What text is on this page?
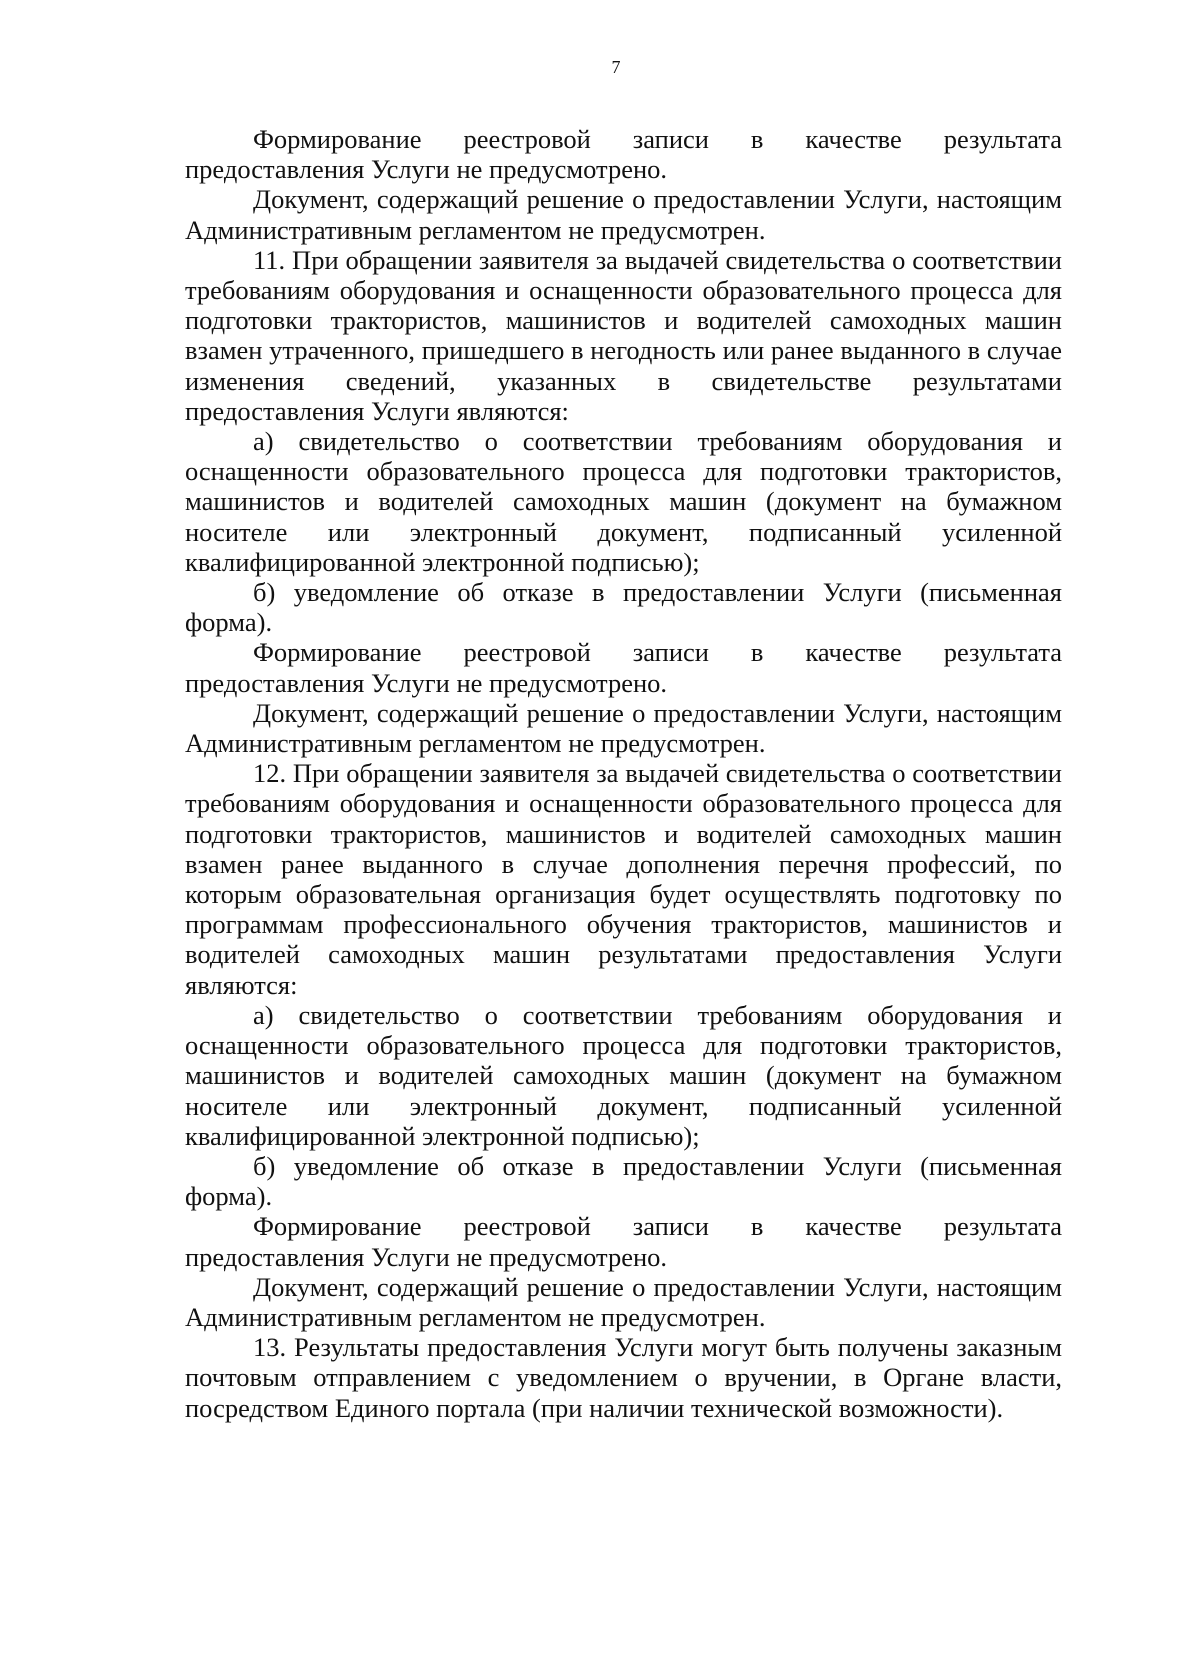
7

Формирование реестровой записи в качестве результата предоставления Услуги не предусмотрено.

Документ, содержащий решение о предоставлении Услуги, настоящим Административным регламентом не предусмотрен.

11. При обращении заявителя за выдачей свидетельства о соответствии требованиям оборудования и оснащенности образовательного процесса для подготовки трактористов, машинистов и водителей самоходных машин взамен утраченного, пришедшего в негодность или ранее выданного в случае изменения сведений, указанных в свидетельстве результатами предоставления Услуги являются:

а) свидетельство о соответствии требованиям оборудования и оснащенности образовательного процесса для подготовки трактористов, машинистов и водителей самоходных машин (документ на бумажном носителе или электронный документ, подписанный усиленной квалифицированной электронной подписью);

б) уведомление об отказе в предоставлении Услуги (письменная форма).

Формирование реестровой записи в качестве результата предоставления Услуги не предусмотрено.

Документ, содержащий решение о предоставлении Услуги, настоящим Административным регламентом не предусмотрен.

12. При обращении заявителя за выдачей свидетельства о соответствии требованиям оборудования и оснащенности образовательного процесса для подготовки трактористов, машинистов и водителей самоходных машин взамен ранее выданного в случае дополнения перечня профессий, по которым образовательная организация будет осуществлять подготовку по программам профессионального обучения трактористов, машинистов и водителей самоходных машин результатами предоставления Услуги являются:

а) свидетельство о соответствии требованиям оборудования и оснащенности образовательного процесса для подготовки трактористов, машинистов и водителей самоходных машин (документ на бумажном носителе или электронный документ, подписанный усиленной квалифицированной электронной подписью);

б) уведомление об отказе в предоставлении Услуги (письменная форма).

Формирование реестровой записи в качестве результата предоставления Услуги не предусмотрено.

Документ, содержащий решение о предоставлении Услуги, настоящим Административным регламентом не предусмотрен.

13. Результаты предоставления Услуги могут быть получены заказным почтовым отправлением с уведомлением о вручении, в Органе власти, посредством Единого портала (при наличии технической возможности).
